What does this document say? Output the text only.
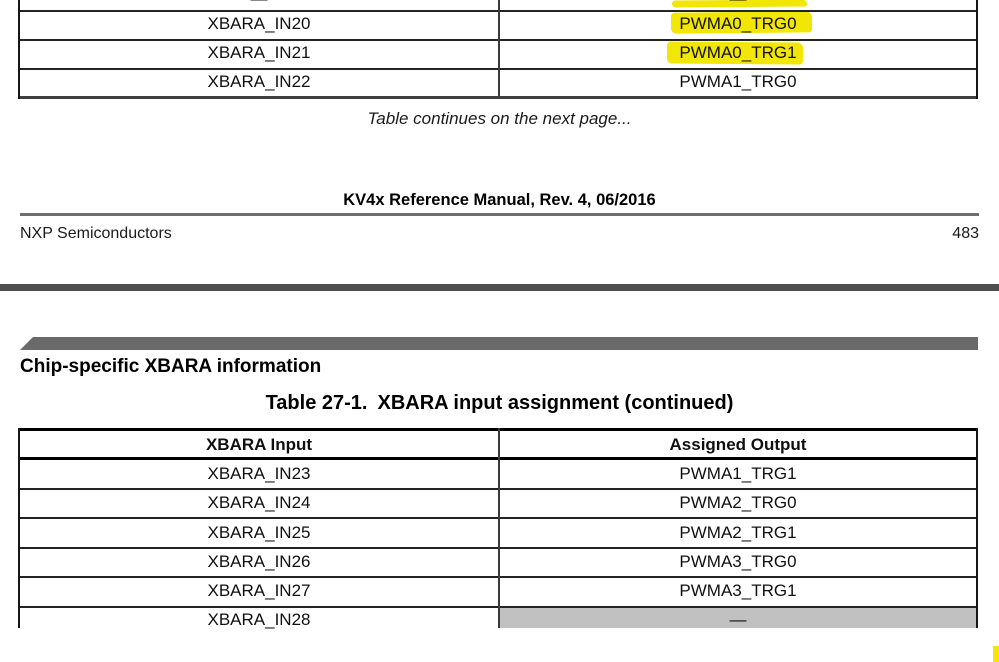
XBARA_IN20	PWMA0_TRG0
XBARA_IN21	PWMA0_TRG1
XBARA_IN22	PWMA1_TRG0
Table continues on the next page...
KV4x Reference Manual, Rev. 4, 06/2016
NXP Semiconductors	483
Chip-specific XBARA information
Table 27-1. XBARA input assignment (continued)
XBARA Input	Assigned Output
XBARA_IN23	PWMA1_TRG1
XBARA_IN24	PWMA2_TRG0
XBARA_IN25	PWMA2_TRG1
XBARA_IN26	PWMA3_TRG0
XBARA_IN27	PWMA3_TRG1
XBARA_IN28	—
